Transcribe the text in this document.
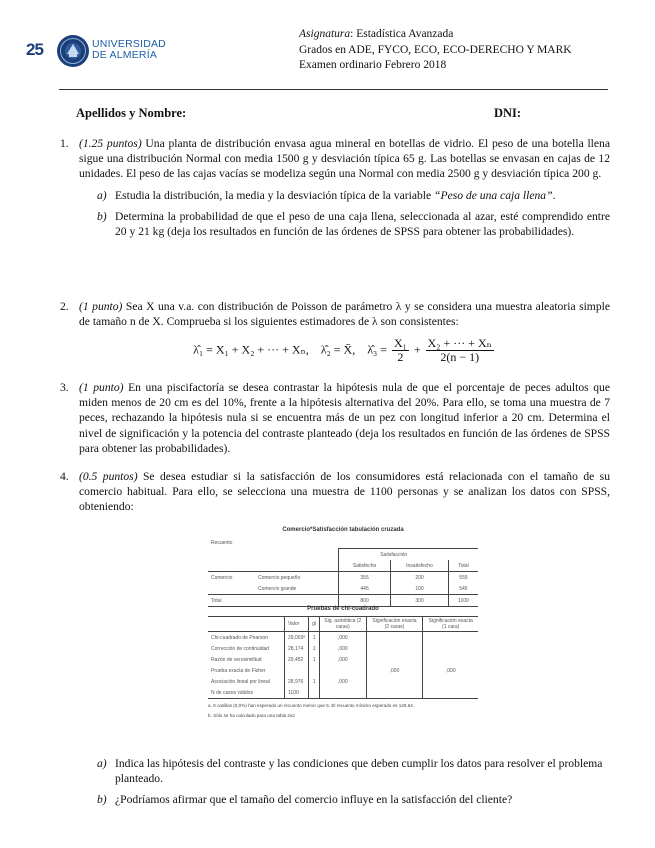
25	UNIVERSIDAD
DE ALMERÍA
Asignatura: Estadística Avanzada
Grados en ADE, FYCO, ECO, ECO-DERECHO Y MARK
Examen ordinario Febrero 2018
Apellidos y Nombre:	DNI:
1. (1.25 puntos) Una planta de distribución envasa agua mineral en botellas de vidrio. El peso de una botella llena sigue una distribución Normal con media 1500 g y desviación típica 65 g. Las botellas se envasan en cajas de 12 unidades. El peso de las cajas vacías se modeliza según una Normal con media 2500 g y desviación típica 200 g.
a) Estudia la distribución, la media y la desviación típica de la variable “Peso de una caja llena”.
b) Determina la probabilidad de que el peso de una caja llena, seleccionada al azar, esté comprendido entre 20 y 21 kg (deja los resultados en función de las órdenes de SPSS para obtener las probabilidades).
2. (1 punto) Sea X una v.a. con distribución de Poisson de parámetro λ y se considera una muestra aleatoria simple de tamaño n de X. Comprueba si los siguientes estimadores de λ son consistentes:
λ̂₁ = X₁ + X₂ + ··· + Xₙ, λ̂₂ = X̄, λ̂₃ = $\frac{\text{X₁}}{2} + \frac{\text{X₂ + ··· + Xₙ}}{2(n - 1)}$
3. (1 punto) En una piscifactoría se desea contrastar la hipótesis nula de que el porcentaje de peces adultos que miden menos de 20 cm es del 10%, frente a la hipótesis alternativa del 20%. Para ello, se toma una muestra de 7 peces, rechazando la hipótesis nula si se encuentra más de un pez con longitud inferior a 20 cm. Determina el nivel de significación y la potencia del contraste planteado (deja los resultados en función de las órdenes de SPSS para obtener las probabilidades).
4. (0.5 puntos) Se desea estudiar si la satisfacción de los consumidores está relacionada con el tamaño de su comercio habitual. Para ello, se selecciona una muestra de 1100 personas y se analizan los datos con SPSS, obteniendo:
Comercio*Satisfacción tabulación cruzada
Recuento				
		Satisfacción		
		Satisfecho	Insatisfecho	Total
Comercio	Comercio pequeño	355	200	555
	Comercio grande	445	100	545
Total		800	300	1100
Pruebas de chi-cuadrado
	Valor	gl	Sig. asintótica (2 caras)	Significación exacta (2 caras)	Significación exacta (1 cara)
Chi-cuadrado de Pearson	29,003ª	1	,000		
Corrección de continuidad	28,174	1	,000		
Razón de verosimilitud	29,452	1	,000		
Prueba exacta de Fisher				,000	,000
Asociación lineal por lineal	28,976	1	,000		
N de casos válidos	1100				
a. 0 casillas (0,0%) han esperado un recuento menor que 5. El recuento mínimo esperado es 148,64.
b. Sólo se ha calculado para una tabla 2x2
a) Indica las hipótesis del contraste y las condiciones que deben cumplir los datos para resolver el problema planteado.
b) ¿Podríamos afirmar que el tamaño del comercio influye en la satisfacción del cliente?
